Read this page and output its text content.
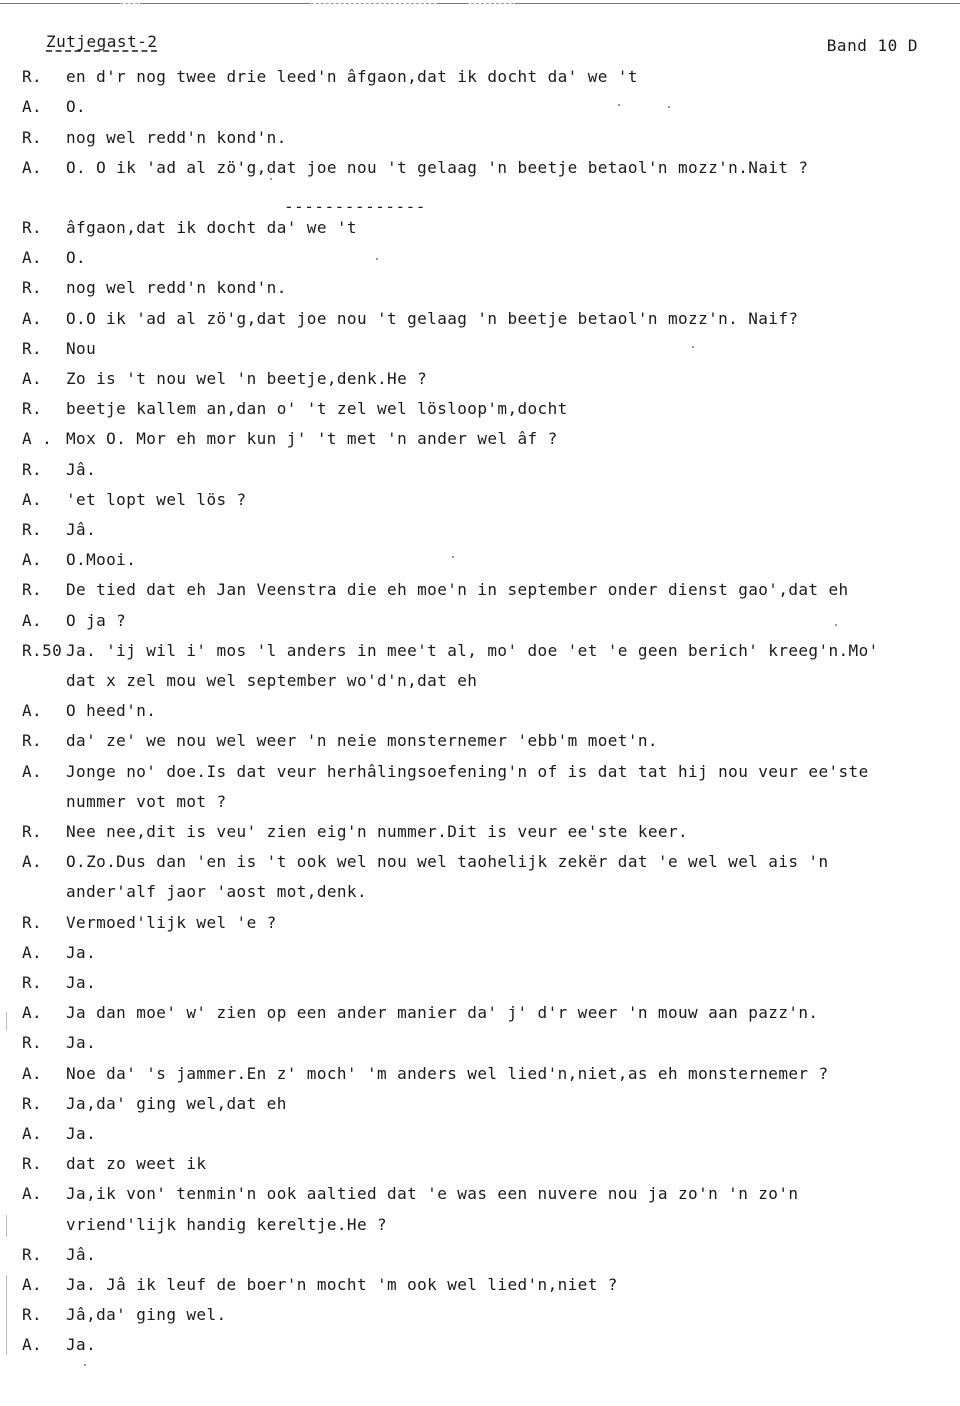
Zutjegast-2	Band 10 D
R. en d'r nog twee drie leed'n âfgaon,dat ik docht da' we 't
A. O.
R. nog wel redd'n kond'n.
A. O. O ik 'ad al zö'g,dat joe nou 't gelaag 'n beetje betaol'n mozz'n.Nait ?
--------------
R. âfgaon,dat ik docht da' we 't
A. O.
R. nog wel redd'n kond'n.
A. O.O ik 'ad al zö'g,dat joe nou 't gelaag 'n beetje betaol'n mozz'n. Naif?
R. Nou
A. Zo is 't nou wel 'n beetje,denk.He ?
R. beetje kallem an,dan o' 't zel wel lösloop'm,docht
A . Mox O. Mor eh mor kun j' 't met 'n ander wel âf ?
R. Jâ.
A. 'et lopt wel lös ?
R. Jâ.
A. O.Mooi.
R. De tied dat eh Jan Veenstra die eh moe'n in september onder dienst gao',dat eh
A. O ja ?
R.50 Ja. 'ij wil i' mos 'l anders in mee't al, mo' doe 'et 'e geen berich' kreeg'n.Mo'
dat x zel mou wel september wo'd'n,dat eh
A. O heed'n.
R. da' ze' we nou wel weer 'n neie monsternemer 'ebb'm moet'n.
A. Jonge no' doe.Is dat veur herhâlingsoefening'n of is dat tat hij nou veur ee'ste
nummer vot mot ?
R. Nee nee,dit is veu' zien eig'n nummer.Dit is veur ee'ste keer.
A. O.Zo.Dus dan 'en is 't ook wel nou wel taohelijk zekër dat 'e wel wel ais 'n
ander'alf jaor 'aost mot,denk.
R. Vermoed'lijk wel 'e ?
A. Ja.
R. Ja.
A. Ja dan moe' w' zien op een ander manier da' j' d'r weer 'n mouw aan pazz'n.
R. Ja.
A. Noe da' 's jammer.En z' moch' 'm anders wel lied'n,niet,as eh monsternemer ?
R. Ja,da' ging wel,dat eh
A. Ja.
R. dat zo weet ik
A. Ja,ik von' tenmin'n ook aaltied dat 'e was een nuvere nou ja zo'n 'n zo'n
vriend'lijk handig kereltje.He ?
R. Jâ.
A. Ja. Jâ ik leuf de boer'n mocht 'm ook wel lied'n,niet ?
R. Jâ,da' ging wel.
A. Ja.
